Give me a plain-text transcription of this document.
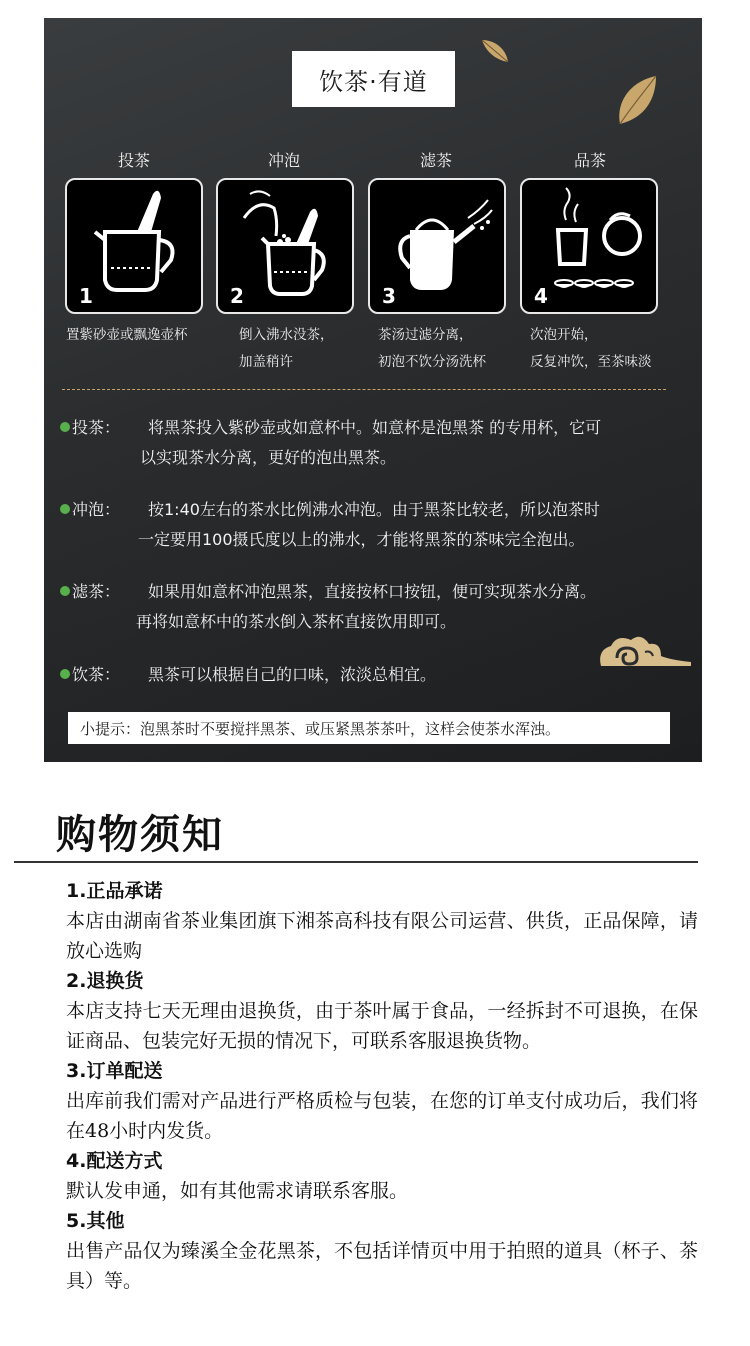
饮茶·有道
投茶
1
置紫砂壶或飘逸壶杯
冲泡
2
倒入沸水没茶，
加盖稍许
滤茶
3
茶汤过滤分离，
初泡不饮分汤洗杯
品茶
4
次泡开始，
反复冲饮，至茶味淡
投茶： 将黑茶投入紫砂壶或如意杯中。如意杯是泡黑茶 的专用杯，它可
以实现茶水分离，更好的泡出黑茶。
冲泡： 按1:40左右的茶水比例沸水冲泡。由于黑茶比较老，所以泡茶时
一定要用100摄氏度以上的沸水，才能将黑茶的茶味完全泡出。
滤茶： 如果用如意杯冲泡黑茶，直接按杯口按钮，便可实现茶水分离。
再将如意杯中的茶水倒入茶杯直接饮用即可。
饮茶： 黑茶可以根据自己的口味，浓淡总相宜。
小提示：泡黑茶时不要搅拌黑茶、或压紧黑茶茶叶，这样会使茶水浑浊。
购物须知
1.正品承诺
本店由湖南省茶业集团旗下湘茶高科技有限公司运营、供货，正品保障，请放心选购
2.退换货
本店支持七天无理由退换货，由于茶叶属于食品，一经拆封不可退换，在保证商品、包装完好无损的情况下，可联系客服退换货物。
3.订单配送
出库前我们需对产品进行严格质检与包装，在您的订单支付成功后，我们将在48小时内发货。
4.配送方式
默认发申通，如有其他需求请联系客服。
5.其他
出售产品仅为臻溪全金花黑茶，不包括详情页中用于拍照的道具（杯子、茶具）等。
